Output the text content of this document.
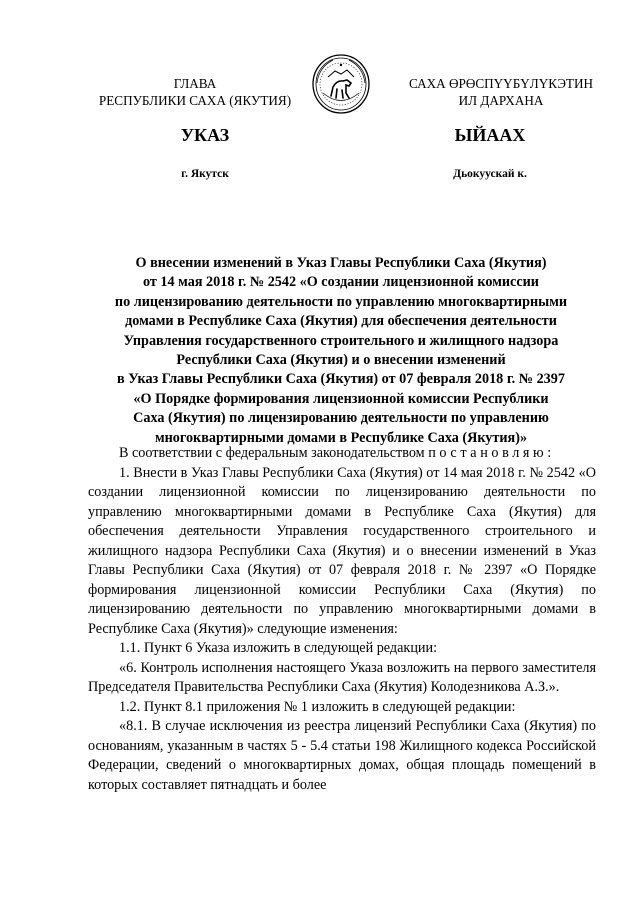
ГЛАВА
РЕСПУБЛИКИ САХА (ЯКУТИЯ)
САХА ӨРӨСПҮҮБҮЛҮКЭТИН
ИЛ ДАРХАНА
УКАЗ	ЫЙААХ
г. Якутск	Дьокуускай к.
О внесении изменений в Указ Главы Республики Саха (Якутия)
от 14 мая 2018 г. № 2542 «О создании лицензионной комиссии
по лицензированию деятельности по управлению многоквартирными
домами в Республике Саха (Якутия) для обеспечения деятельности
Управления государственного строительного и жилищного надзора
Республики Саха (Якутия) и о внесении изменений
в Указ Главы Республики Саха (Якутия) от 07 февраля 2018 г. № 2397
«О Порядке формирования лицензионной комиссии Республики
Саха (Якутия) по лицензированию деятельности по управлению
многоквартирными домами в Республике Саха (Якутия)»

В соответствии с федеральным законодательством постановляю:

1. Внести в Указ Главы Республики Саха (Якутия) от 14 мая 2018 г. № 2542 «О создании лицензионной комиссии по лицензированию деятельности по управлению многоквартирными домами в Республике Саха (Якутия) для обеспечения деятельности Управления государственного строительного и жилищного надзора Республики Саха (Якутия) и о внесении изменений в Указ Главы Республики Саха (Якутия) от 07 февраля 2018 г. № 2397 «О Порядке формирования лицензионной комиссии Республики Саха (Якутия) по лицензированию деятельности по управлению многоквартирными домами в Республике Саха (Якутия)» следующие изменения:

1.1. Пункт 6 Указа изложить в следующей редакции:

«6. Контроль исполнения настоящего Указа возложить на первого заместителя Председателя Правительства Республики Саха (Якутия) Колодезникова А.З.».

1.2. Пункт 8.1 приложения № 1 изложить в следующей редакции:

«8.1. В случае исключения из реестра лицензий Республики Саха (Якутия) по основаниям, указанным в частях 5 - 5.4 статьи 198 Жилищного кодекса Российской Федерации, сведений о многоквартирных домах, общая площадь помещений в которых составляет пятнадцать и более
